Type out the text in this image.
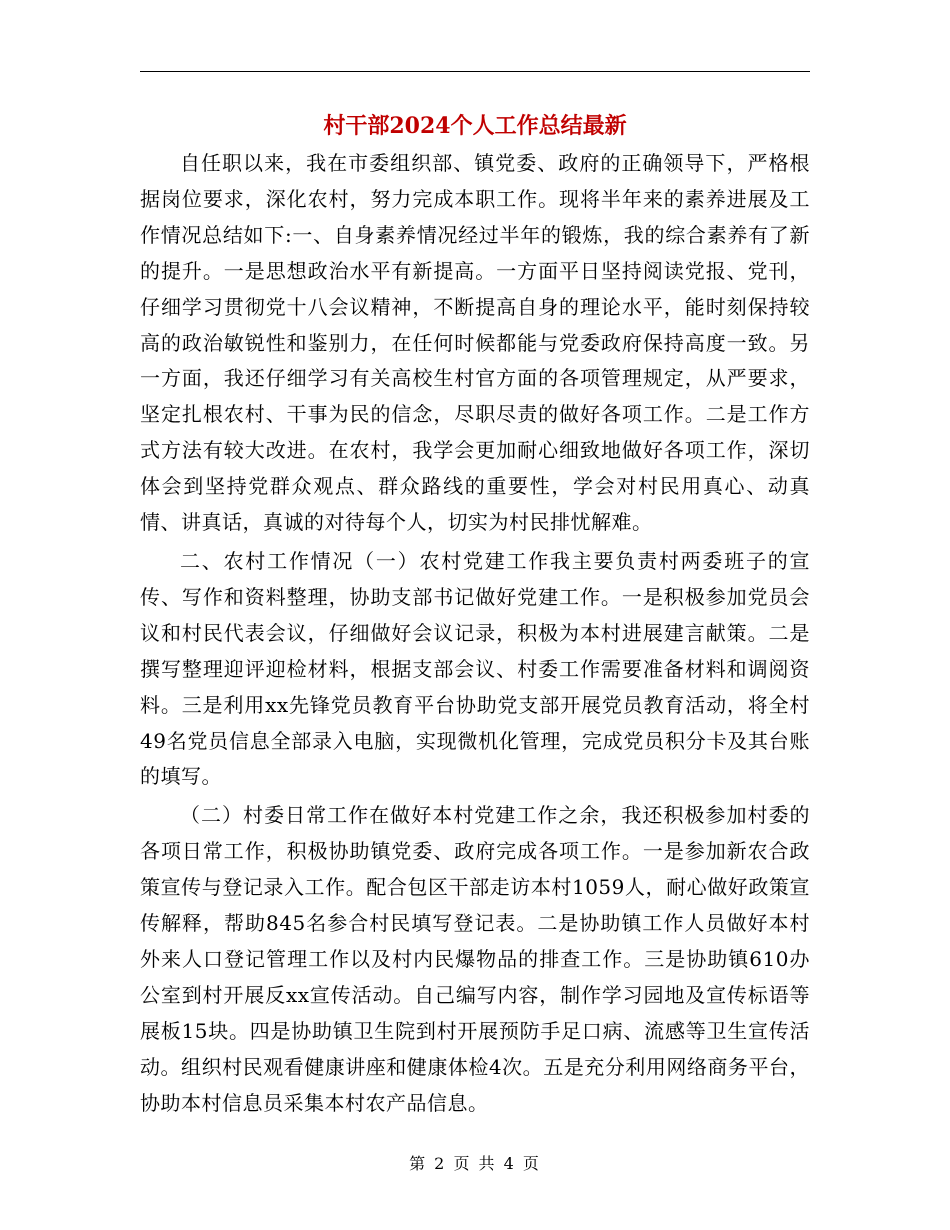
村干部2024个人工作总结最新

自任职以来，我在市委组织部、镇党委、政府的正确领导下，严格根据岗位要求，深化农村，努力完成本职工作。现将半年来的素养进展及工作情况总结如下:一、自身素养情况经过半年的锻炼，我的综合素养有了新的提升。一是思想政治水平有新提高。一方面平日坚持阅读党报、党刊，仔细学习贯彻党十八会议精神，不断提高自身的理论水平，能时刻保持较高的政治敏锐性和鉴别力，在任何时候都能与党委政府保持高度一致。另一方面，我还仔细学习有关高校生村官方面的各项管理规定，从严要求，坚定扎根农村、干事为民的信念，尽职尽责的做好各项工作。二是工作方式方法有较大改进。在农村，我学会更加耐心细致地做好各项工作，深切体会到坚持党群众观点、群众路线的重要性，学会对村民用真心、动真情、讲真话，真诚的对待每个人，切实为村民排忧解难。

二、农村工作情况（一）农村党建工作我主要负责村两委班子的宣传、写作和资料整理，协助支部书记做好党建工作。一是积极参加党员会议和村民代表会议，仔细做好会议记录，积极为本村进展建言献策。二是撰写整理迎评迎检材料，根据支部会议、村委工作需要准备材料和调阅资料。三是利用xx先锋党员教育平台协助党支部开展党员教育活动，将全村49名党员信息全部录入电脑，实现微机化管理，完成党员积分卡及其台账的填写。

（二）村委日常工作在做好本村党建工作之余，我还积极参加村委的各项日常工作，积极协助镇党委、政府完成各项工作。一是参加新农合政策宣传与登记录入工作。配合包区干部走访本村1059人，耐心做好政策宣传解释，帮助845名参合村民填写登记表。二是协助镇工作人员做好本村外来人口登记管理工作以及村内民爆物品的排查工作。三是协助镇610办公室到村开展反xx宣传活动。自己编写内容，制作学习园地及宣传标语等展板15块。四是协助镇卫生院到村开展预防手足口病、流感等卫生宣传活动。组织村民观看健康讲座和健康体检4次。五是充分利用网络商务平台，协助本村信息员采集本村农产品信息。

第 2 页 共 4 页
